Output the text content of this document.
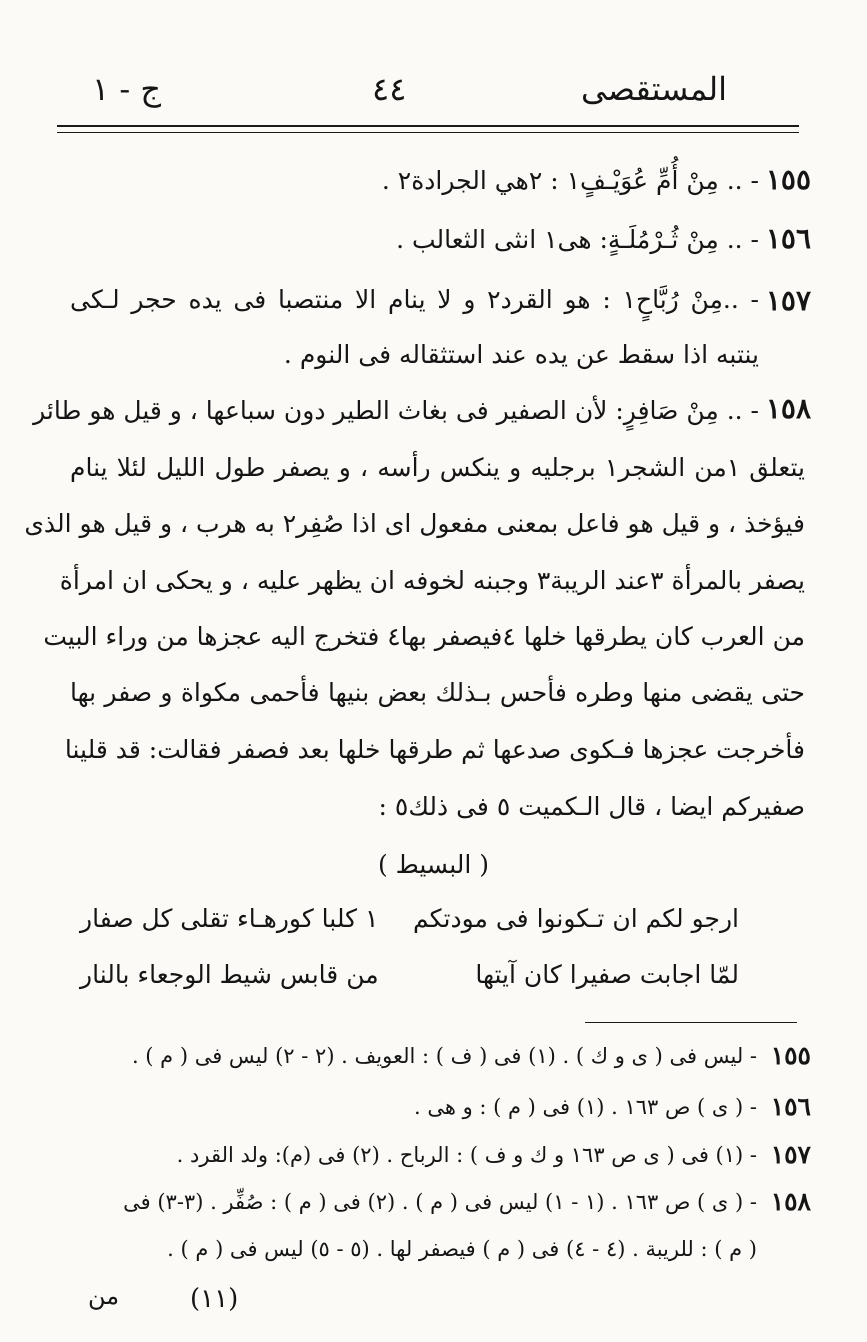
المستقصى
٤٤
ج - ١
١٥٥
- .. مِنْ أُمِّ عُوَيْـفٍ١ : ٢هي الجرادة٢ .
١٥٦
- .. مِنْ ثُـرْمُلَـةٍ: هى١ انثى الثعالب .
١٥٧
- ..مِنْ رُبَّاحٍ١ : هو القرد٢ و لا ينام الا منتصبا فى يده حجر لـكى
ينتبه اذا سقط عن يده عند استثقاله فى النوم .
١٥٨
- .. مِنْ صَافِرٍ: لأن الصفير فى بغاث الطير دون سباعها ، و قيل هو طائر
يتعلق ١من الشجر١ برجليه و ينكس رأسه ، و يصفر طول الليل لئلا ينام
فيؤخذ ، و قيل هو فاعل بمعنى مفعول اى اذا صُفِر٢ به هرب ، و قيل هو الذى
يصفر بالمرأة ٣عند الريبة٣ وجبنه لخوفه ان يظهر عليه ، و يحكى ان امرأة
من العرب كان يطرقها خلها ٤فيصفر بها٤ فتخرج اليه عجزها من وراء البيت
حتى يقضى منها وطره فأحس بـذلك بعض بنيها فأحمى مكواة و صفر بها
فأخرجت عجزها فـكوى صدعها ثم طرقها خلها بعد فصفر فقالت: قد قلينا
صفيركم ايضا ، قال الـكميت ٥ فى ذلك٥ :
( البسيط )
ارجو لكم ان تـكونوا فى مودتكم
١ كلبا كورهـاء تقلى كل صفار
لمّا اجابت صفيرا كان آيتها
من قابس شيط الوجعاء بالنار
١٥٥
- ليس فى ( ى و ك ) . (١) فى ( ف ) : العويف . (٢ - ٢) ليس فى ( م ) .
١٥٦
- ( ى ) ص ١٦٣ . (١) فى ( م ) : و هى .
١٥٧
- (١) فى ( ى ص ١٦٣ و ك و ف ) : الرباح . (٢) فى (م): ولد القرد .
١٥٨
- ( ى ) ص ١٦٣ . (١ - ١) ليس فى ( م ) . (٢) فى ( م ) : صُفِّر . (٣-٣) فى
( م ) : للريبة . (٤ - ٤) فى ( م ) فيصفر لها . (٥ - ٥) ليس فى ( م ) .
(١١)
من
